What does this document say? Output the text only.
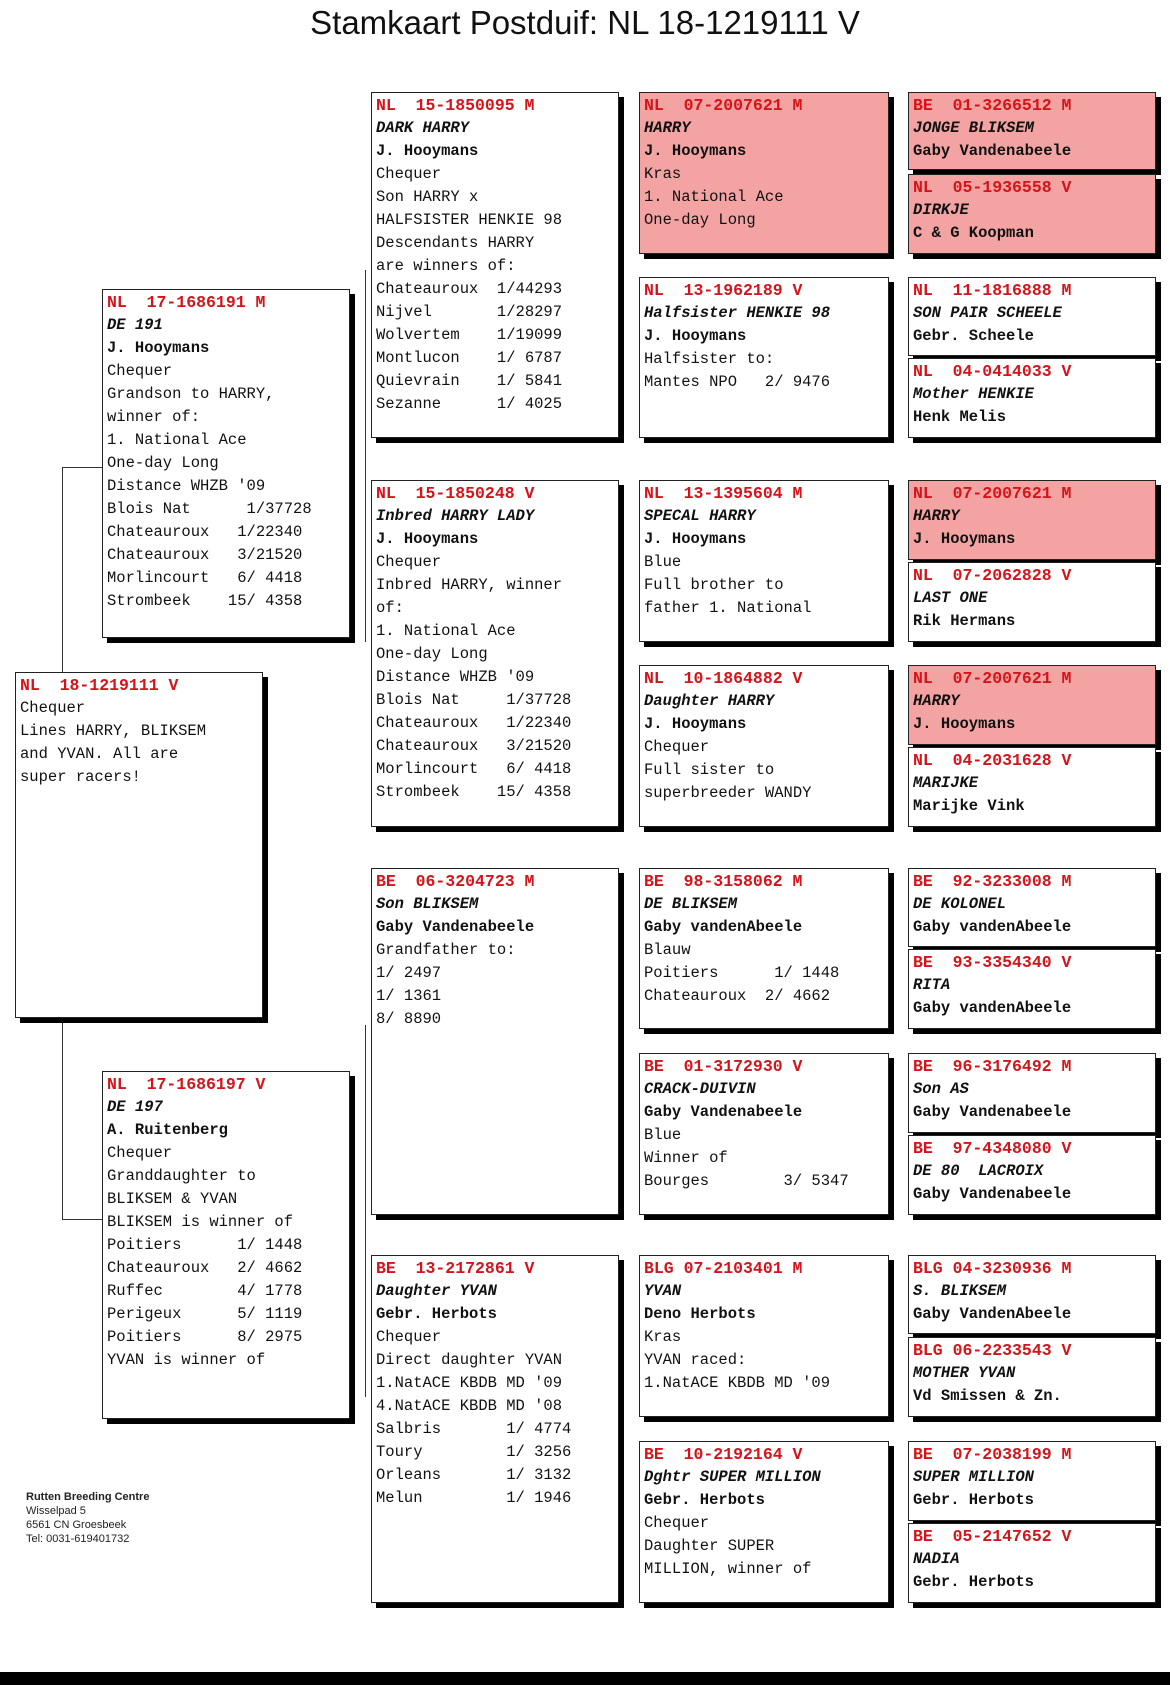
Stamkaart Postduif: NL 18-1219111 V
NL  18-1219111 V
Chequer
Lines HARRY, BLIKSEM
and YVAN. All are
super racers!
NL  17-1686191 M
DE 191
J. Hooymans
Chequer
Grandson to HARRY,
winner of:
1. National Ace
One-day Long
Distance WHZB '09
Blois Nat      1/37728
Chateauroux   1/22340
Chateauroux   3/21520
Morlincourt   6/ 4418
Strombeek    15/ 4358
NL  17-1686197 V
DE 197
A. Ruitenberg
Chequer
Granddaughter to
BLIKSEM & YVAN
BLIKSEM is winner of
Poitiers      1/ 1448
Chateauroux   2/ 4662
Ruffec        4/ 1778
Perigeux      5/ 1119
Poitiers      8/ 2975
YVAN is winner of
NL  15-1850095 M
DARK HARRY
J. Hooymans
Chequer
Son HARRY x
HALFSISTER HENKIE 98
Descendants HARRY
are winners of:
Chateauroux  1/44293
Nijvel       1/28297
Wolvertem    1/19099
Montlucon    1/ 6787
Quievrain    1/ 5841
Sezanne      1/ 4025
NL  15-1850248 V
Inbred HARRY LADY
J. Hooymans
Chequer
Inbred HARRY, winner
of:
1. National Ace
One-day Long
Distance WHZB '09
Blois Nat     1/37728
Chateauroux   1/22340
Chateauroux   3/21520
Morlincourt   6/ 4418
Strombeek    15/ 4358
BE  06-3204723 M
Son BLIKSEM
Gaby Vandenabeele
Grandfather to:
1/ 2497
1/ 1361
8/ 8890
BE  13-2172861 V
Daughter YVAN
Gebr. Herbots
Chequer
Direct daughter YVAN
1.NatACE KBDB MD '09
4.NatACE KBDB MD '08
Salbris       1/ 4774
Toury         1/ 3256
Orleans       1/ 3132
Melun         1/ 1946
NL  07-2007621 M
HARRY
J. Hooymans
Kras
1. National Ace
One-day Long
NL  13-1962189 V
Halfsister HENKIE 98
J. Hooymans
Halfsister to:
Mantes NPO   2/ 9476
NL  13-1395604 M
SPECAL HARRY
J. Hooymans
Blue
Full brother to
father 1. National
NL  10-1864882 V
Daughter HARRY
J. Hooymans
Chequer
Full sister to
superbreeder WANDY
BE  98-3158062 M
DE BLIKSEM
Gaby vandenAbeele
Blauw
Poitiers      1/ 1448
Chateauroux  2/ 4662
BE  01-3172930 V
CRACK-DUIVIN
Gaby Vandenabeele
Blue
Winner of
Bourges        3/ 5347
BLG 07-2103401 M
YVAN
Deno Herbots
Kras
YVAN raced:
1.NatACE KBDB MD '09
BE  10-2192164 V
Dghtr SUPER MILLION
Gebr. Herbots
Chequer
Daughter SUPER
MILLION, winner of
BE  01-3266512 M
JONGE BLIKSEM
Gaby Vandenabeele
NL  05-1936558 V
DIRKJE
C & G Koopman
NL  11-1816888 M
SON PAIR SCHEELE
Gebr. Scheele
NL  04-0414033 V
Mother HENKIE
Henk Melis
NL  07-2007621 M
HARRY
J. Hooymans
NL  07-2062828 V
LAST ONE
Rik Hermans
NL  07-2007621 M
HARRY
J. Hooymans
NL  04-2031628 V
MARIJKE
Marijke Vink
BE  92-3233008 M
DE KOLONEL
Gaby vandenAbeele
BE  93-3354340 V
RITA
Gaby vandenAbeele
BE  96-3176492 M
Son AS
Gaby Vandenabeele
BE  97-4348080 V
DE 80  LACROIX
Gaby Vandenabeele
BLG 04-3230936 M
S. BLIKSEM
Gaby VandenAbeele
BLG 06-2233543 V
MOTHER YVAN
Vd Smissen & Zn.
BE  07-2038199 M
SUPER MILLION
Gebr. Herbots
BE  05-2147652 V
NADIA
Gebr. Herbots
Rutten Breeding Centre
Wisselpad 5
6561 CN Groesbeek
Tel: 0031-619401732
